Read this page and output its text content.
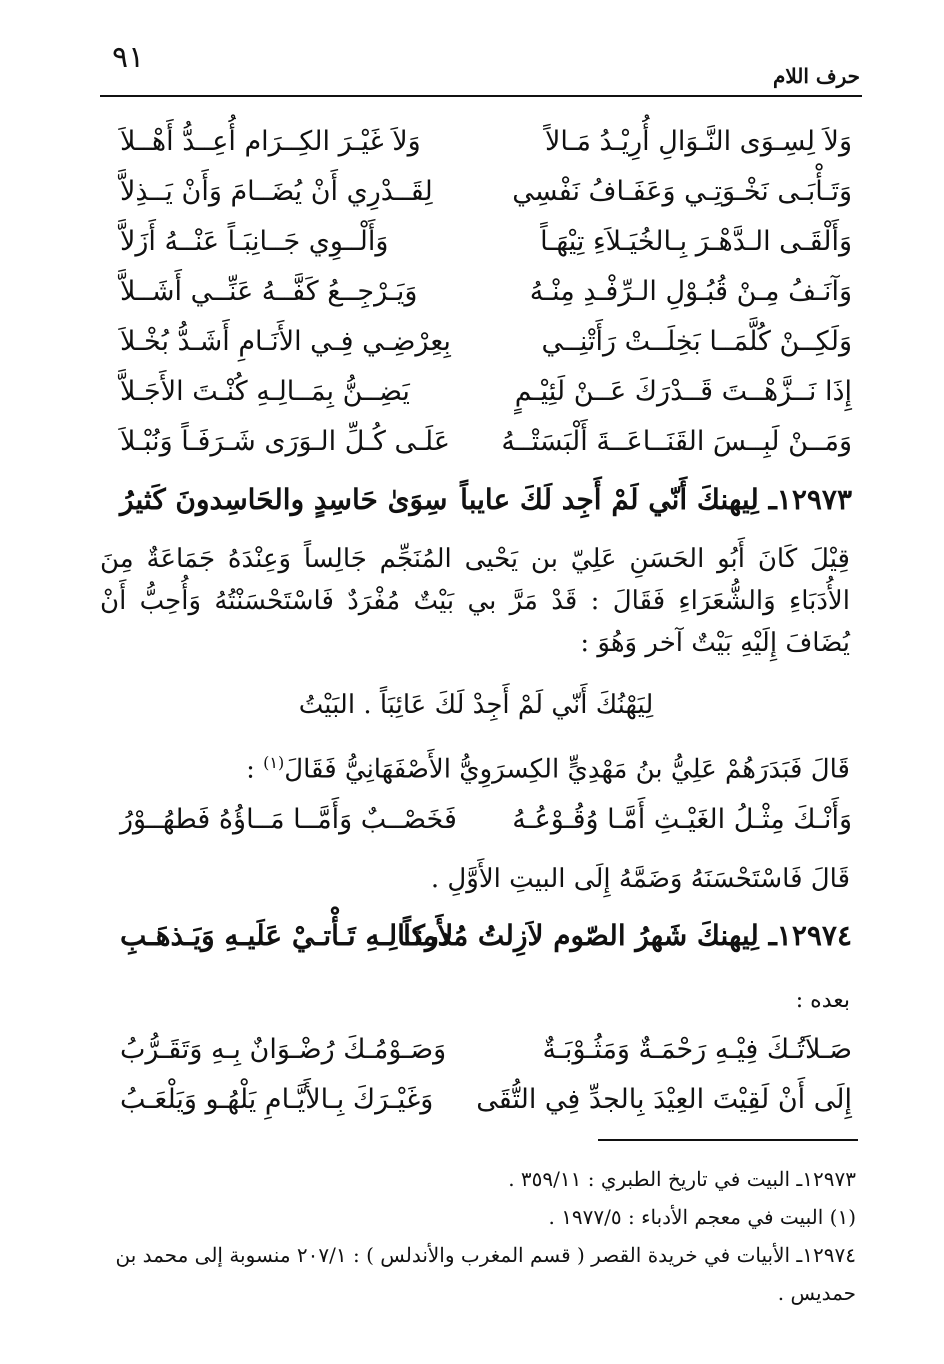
٩١
حرف اللام
وَلاَ لِسِـوَى النَّـوَالِ أُرِيْـدُ مَـالاً
وَلاَ غَيْـرَ الكِــرَام أُعِــدُّ أَهْــلاَ
وَتَـأْبَـى نَخْـوَتِـي وَعَفَـافُ نَفْسِي
لِقَــدْرِي أَنْ يُضَــامَ وَأَنْ يَــذِلاَّ
وَأَلْقَـى الـدَّهْـرَ بِـالخُيَـلاَءِ تِيْهَـاً
وَأَلْــوِي جَــانِبَـاً عَنْــهُ أَزَلاَّ
وَآنَـفُ مِـنْ قُبُـوْلِ الـرِّفْـدِ مِنْـهُ
وَيَـرْجِــعُ كَفَّــهُ عَنِّــي أَشَــلاَّ
وَلَكِــنْ كُلَّمَــا بَخِلَــتْ رَأَتْنِــي
بِعِرْضِـي فِـي الأَنَـامِ أَشَـدُّ بُخْـلاَ
إِذَا نَــزَّهْــتَ قَــدْرَكَ عَــنْ لَئِيْـمٍ
يَضِــنُّ بِمَــالِـهِ كُنْـتَ الأَجَـلاَّ
وَمَــنْ لَبِــسَ القَنَــاعَــةَ أَلْبَسَتْــهُ
عَلَـى كُـلِّ الـوَرَى شَـرَفَـاً وَنُبْـلاَ
١٢٩٧٣ـ لِيهنكَ أَنّي لَمْ أَجِد لَكَ عايباً
سِوَىٰ حَاسِدٍ والحَاسِدونَ كَثيرُ
قِيْلَ كَانَ أَبُو الحَسَنِ عَلِيّ بن يَحْيى المُنَجِّم جَالِساً وَعِنْدَهُ جَمَاعَةٌ مِنَ الأُدَبَاءِ وَالشُّعَرَاءِ فَقَالَ : قَدْ مَرَّ بي بَيْتٌ مُفْرَدٌ فَاسْتَحْسَنْتُهُ وَأُحِبُّ أَنْ يُضَافَ إِلَيْهِ بَيْتٌ آخر وَهُوَ :
لِيَهْنُكَ أَنّي لَمْ أَجِدْ لَكَ عَائِبَاً . البَيْتُ
قَالَ فَبَدَرَهُمْ عَلِيُّ بنُ مَهْدِيٍّ الكِسرَوِيُّ الأَصْفَهَانِيُّ فَقَالَ$^{(١)}$ :
وَأَنْـكَ مِثْـلُ الغَيْـثِ أَمَّـا وُقُـوْعُـهُ
فَخَصْــبٌ وَأَمَّــا مَــاؤُهُ فَطهُــوْرُ
قَالَ فَاسْتَحْسَنَهُ وَضَمَّهُ إِلَى البيتِ الأَوَّلِ .
١٢٩٧٤ـ لِيهنكَ شَهرُ الصّوم لاَزِلتُ مُدركاً
لأَمثـالِـهِ تَـأْتـيْ عَلَيـهِ وَيَـذهَـبِ
بعده :
صَـلاَتُـكَ فِيْـهِ رَحْمَـةٌ وَمَثُـوْبَـةٌ
وَصَـوْمُـكَ رُضْـوَانٌ بِـهِ وَتَقَـرُّبُ
إِلَى أَنْ لَقِيْتَ العِيْدَ بِالجدِّ فِي التُّقَى
وَغَيْـرَكَ بِـالأَيَّـامِ يَلْهُـو وَيَلْعَـبُ
١٢٩٧٣ـ البيت في تاريخ الطبري : ٣٥٩/١١ .
(١) البيت في معجم الأدباء : ١٩٧٧/٥ .
١٢٩٧٤ـ الأبيات في خريدة القصر ( قسم المغرب والأندلس ) : ٢٠٧/١ منسوبة إلى محمد بن
حمديس .
